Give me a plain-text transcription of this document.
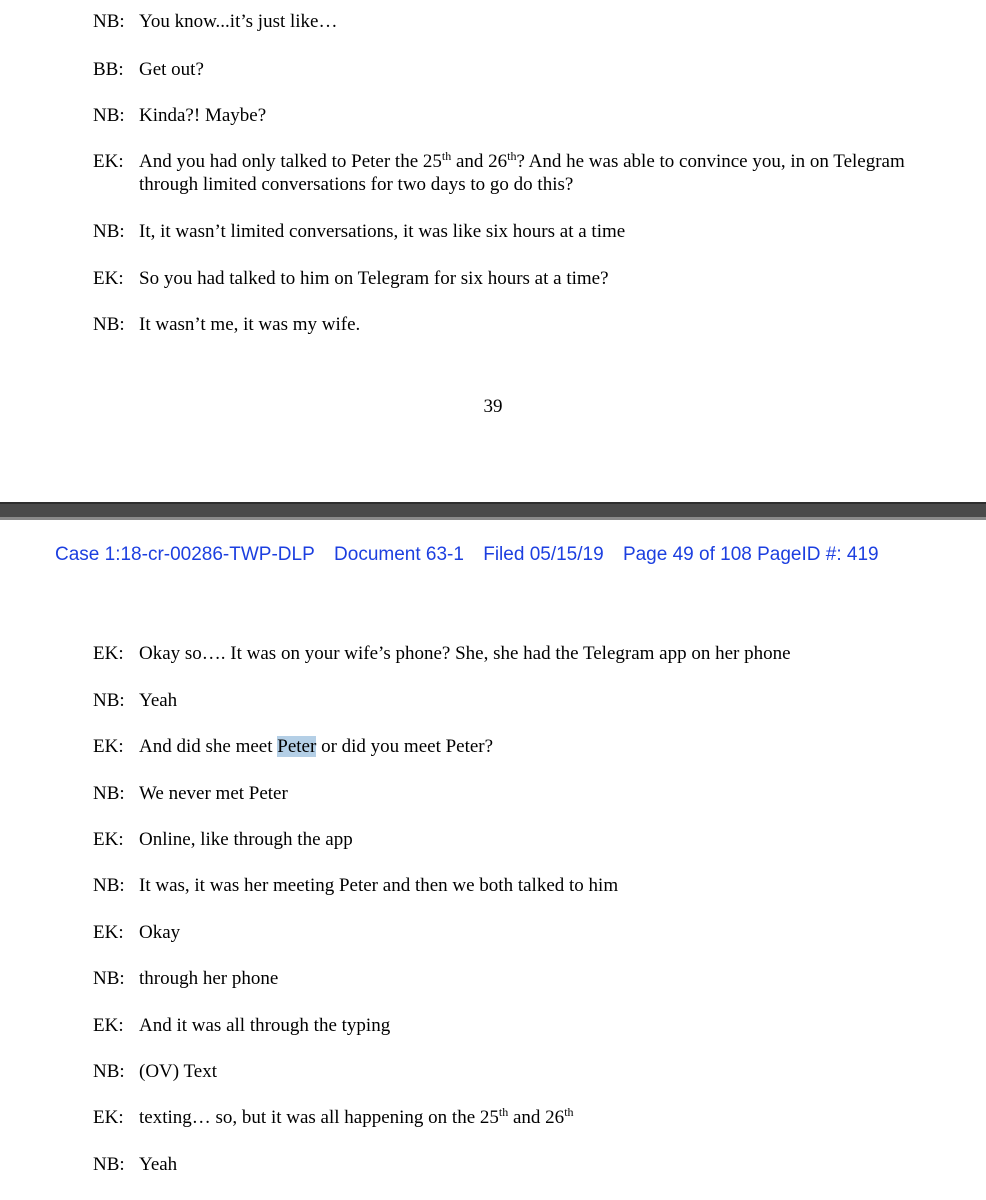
NB: You know...it’s just like…
BB: Get out?
NB: Kinda?! Maybe?
EK: And you had only talked to Peter the 25th and 26th? And he was able to convince you, in on Telegram through limited conversations for two days to go do this?
NB: It, it wasn’t limited conversations, it was like six hours at a time
EK: So you had talked to him on Telegram for six hours at a time?
NB: It wasn’t me, it was my wife.
39
Case 1:18-cr-00286-TWP-DLP Document 63-1 Filed 05/15/19 Page 49 of 108 PageID #: 419
EK: Okay so…. It was on your wife’s phone? She, she had the Telegram app on her phone
NB: Yeah
EK: And did she meet Peter or did you meet Peter?
NB: We never met Peter
EK: Online, like through the app
NB: It was, it was her meeting Peter and then we both talked to him
EK: Okay
NB: through her phone
EK: And it was all through the typing
NB: (OV) Text
EK: texting… so, but it was all happening on the 25th and 26th
NB: Yeah
